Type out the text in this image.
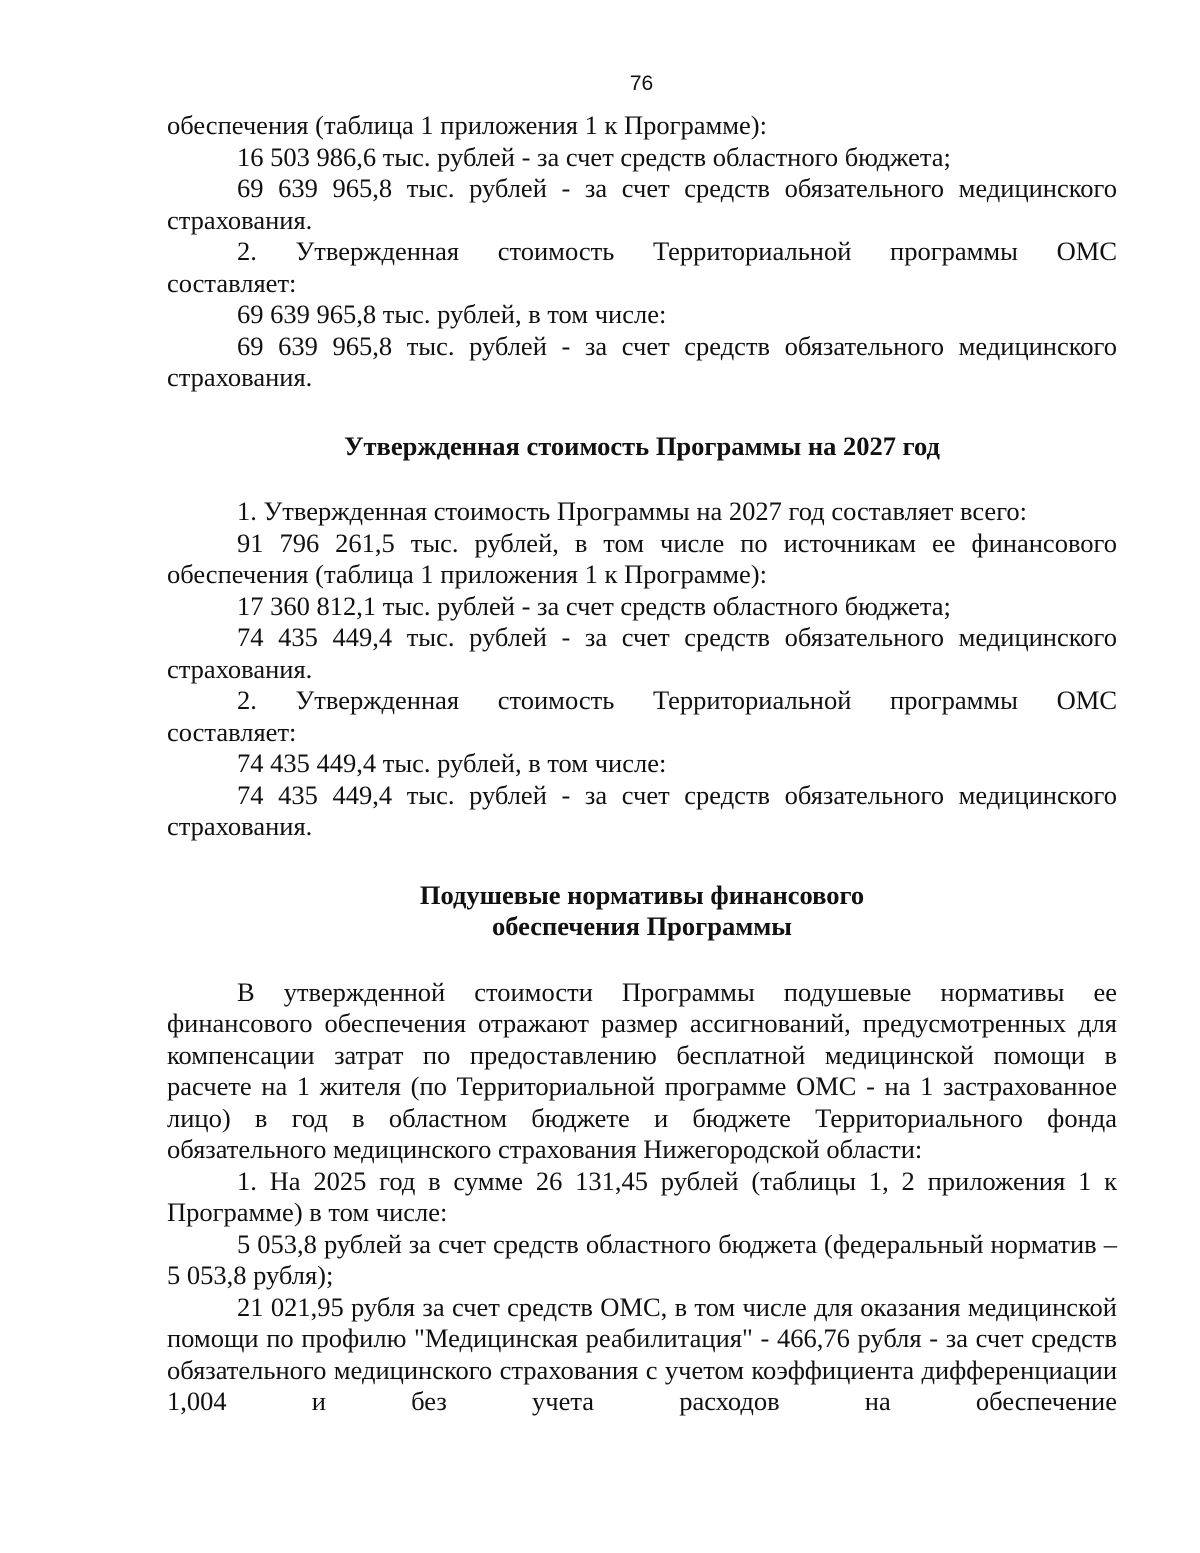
76

обеспечения (таблица 1 приложения 1 к Программе):

16 503 986,6 тыс. рублей - за счет средств областного бюджета;

69 639 965,8 тыс. рублей - за счет средств обязательного медицинского страхования.

2. Утвержденная стоимость Территориальной программы ОМС

составляет:

69 639 965,8 тыс. рублей, в том числе:

69 639 965,8 тыс. рублей - за счет средств обязательного медицинского страхования.

Утвержденная стоимость Программы на 2027 год

1. Утвержденная стоимость Программы на 2027 год составляет всего:

91 796 261,5 тыс. рублей, в том числе по источникам ее финансового обеспечения (таблица 1 приложения 1 к Программе):

17 360 812,1 тыс. рублей - за счет средств областного бюджета;

74 435 449,4 тыс. рублей - за счет средств обязательного медицинского страхования.

2. Утвержденная стоимость Территориальной программы ОМС

составляет:

74 435 449,4 тыс. рублей, в том числе:

74 435 449,4 тыс. рублей - за счет средств обязательного медицинского страхования.

Подушевые нормативы финансового

обеспечения Программы

В утвержденной стоимости Программы подушевые нормативы ее финансового обеспечения отражают размер ассигнований, предусмотренных для компенсации затрат по предоставлению бесплатной медицинской помощи в расчете на 1 жителя (по Территориальной программе ОМС - на 1 застрахованное лицо) в год в областном бюджете и бюджете Территориального фонда обязательного медицинского страхования Нижегородской области:

1. На 2025 год в сумме 26 131,45 рублей (таблицы 1, 2 приложения 1 к Программе) в том числе:

5 053,8 рублей за счет средств областного бюджета (федеральный норматив – 5 053,8 рубля);

21 021,95 рубля за счет средств ОМС, в том числе для оказания медицинской помощи по профилю "Медицинская реабилитация" - 466,76 рубля - за счет средств обязательного медицинского страхования с учетом коэффициента дифференциации 1,004 и без учета расходов на обеспечение
